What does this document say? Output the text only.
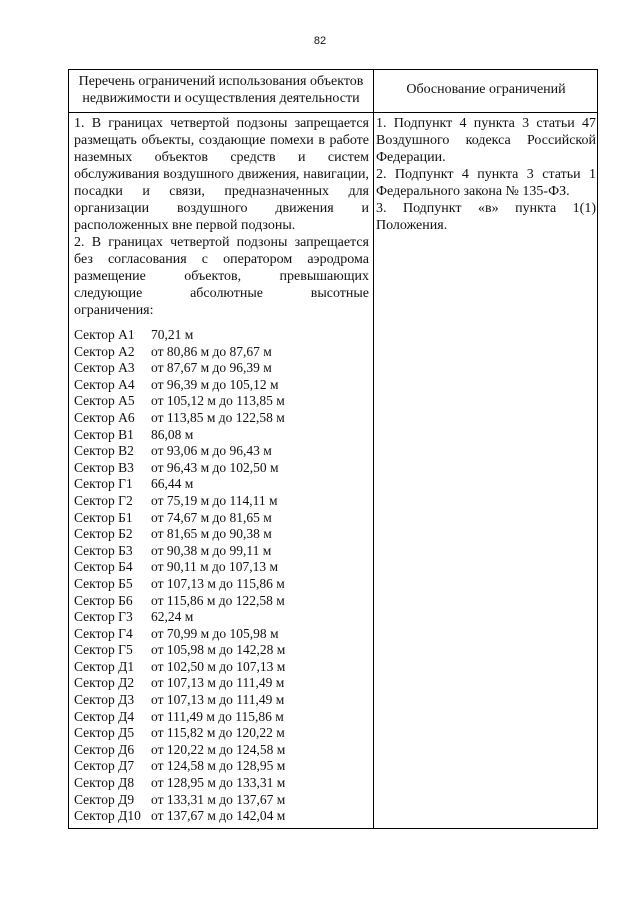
82
Перечень ограничений использования объектов недвижимости и осуществления деятельности
Обоснование ограничений

1. В границах четвертой подзоны запрещается размещать объекты, создающие помехи в работе наземных объектов средств и систем обслуживания воздушного движения, навигации, посадки и связи, предназначенных для организации воздушного движения и расположенных вне первой подзоны.

2. В границах четвертой подзоны запрещается

без согласования с оператором аэродрома

размещение объектов, превышающих

следующие абсолютные высотные

ограничения:

Сектор А1 70,21 м
Сектор А2 от 80,86 м до 87,67 м
Сектор А3 от 87,67 м до 96,39 м
Сектор А4 от 96,39 м до 105,12 м
Сектор А5 от 105,12 м до 113,85 м
Сектор А6 от 113,85 м до 122,58 м
Сектор В1 86,08 м
Сектор В2 от 93,06 м до 96,43 м
Сектор В3 от 96,43 м до 102,50 м
Сектор Г1 66,44 м
Сектор Г2 от 75,19 м до 114,11 м
Сектор Б1 от 74,67 м до 81,65 м
Сектор Б2 от 81,65 м до 90,38 м
Сектор Б3 от 90,38 м до 99,11 м
Сектор Б4 от 90,11 м до 107,13 м
Сектор Б5 от 107,13 м до 115,86 м
Сектор Б6 от 115,86 м до 122,58 м
Сектор Г3 62,24 м
Сектор Г4 от 70,99 м до 105,98 м
Сектор Г5 от 105,98 м до 142,28 м
Сектор Д1 от 102,50 м до 107,13 м
Сектор Д2 от 107,13 м до 111,49 м
Сектор Д3 от 107,13 м до 111,49 м
Сектор Д4 от 111,49 м до 115,86 м
Сектор Д5 от 115,82 м до 120,22 м
Сектор Д6 от 120,22 м до 124,58 м
Сектор Д7 от 124,58 м до 128,95 м
Сектор Д8 от 128,95 м до 133,31 м
Сектор Д9 от 133,31 м до 137,67 м
Сектор Д10 от 137,67 м до 142,04 м

1. Подпункт 4 пункта 3 статьи 47 Воздушного кодекса Российской Федерации.

2. Подпункт 4 пункта 3 статьи 1 Федерального закона № 135-ФЗ.

3. Подпункт «в» пункта 1(1) Положения.
